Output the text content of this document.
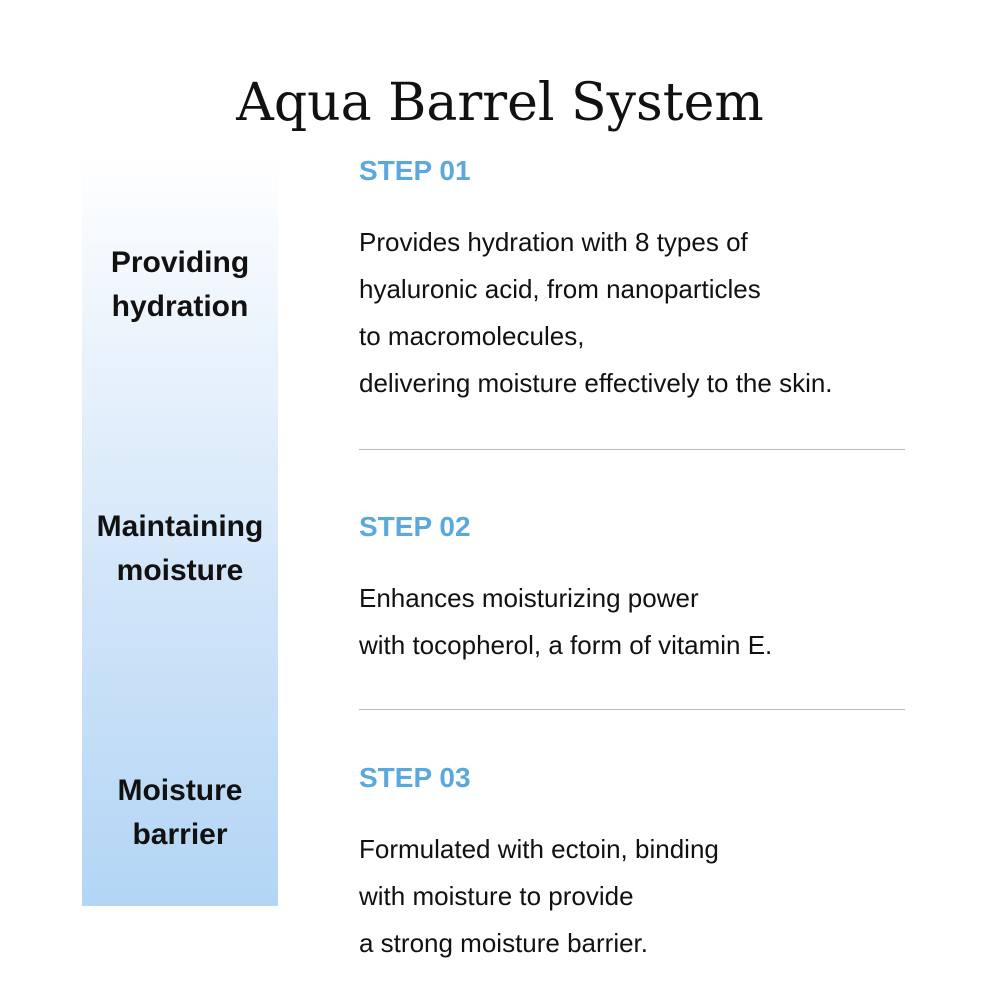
Aqua Barrel System
Providing
hydration
Maintaining
moisture
Moisture
barrier
STEP 01
Provides hydration with 8 types of
hyaluronic acid, from nanoparticles
to macromolecules,
delivering moisture effectively to the skin.
STEP 02
Enhances moisturizing power
with tocopherol, a form of vitamin E.
STEP 03
Formulated with ectoin, binding
with moisture to provide
a strong moisture barrier.
